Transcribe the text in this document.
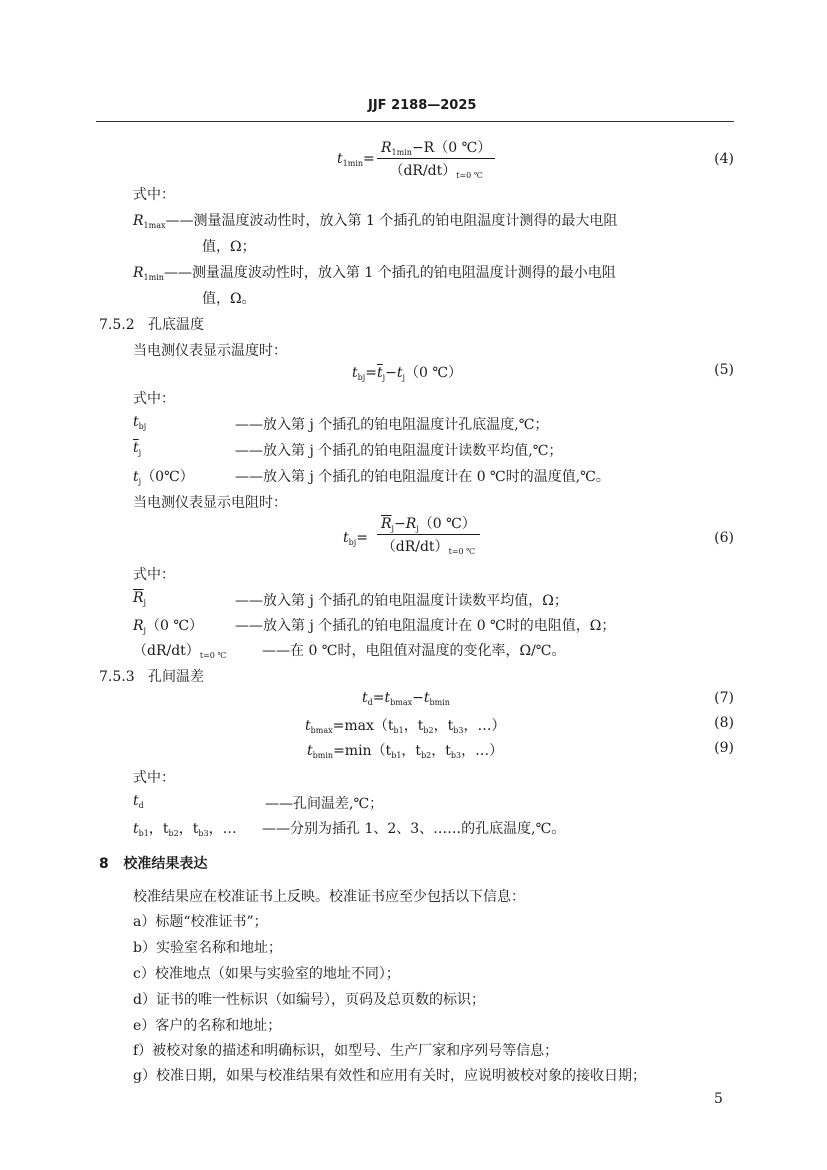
JJF 2188—2025
$t_{1min}=$
$R_{1min}-R(0$ ℃）
$(dR/dt)_{t=0 ℃}$
(4)
式中：
$R_{1max}——$测量温度波动性时，放入第 1 个插孔的铂电阻温度计测得的最大电阻
值，Ω；
$R_{1min}——$测量温度波动性时，放入第 1 个插孔的铂电阻温度计测得的最小电阻
值，Ω。
7.5.2 孔底温度
当电测仪表显示温度时：
$t_{bj}=\overline{t}_j-t_j(0$ ℃）	(5)
式中：
$t_{bj}$	——放入第 j 个插孔的铂电阻温度计孔底温度,℃；
$\overline{t}_j$	——放入第 j 个插孔的铂电阻温度计读数平均值,℃；
$t_j(0℃)$	——放入第 j 个插孔的铂电阻温度计在 0 ℃时的温度值,℃。
当电测仪表显示电阻时：
$t_{bj}= \frac{\overline{R}_j-R_j(0 ℃)}{(dR/dt)_{t=0 ℃}}$	(6)
式中：
$\overline{R}_j$	——放入第 j 个插孔的铂电阻温度计读数平均值，Ω；
$R_j(0$ ℃） ——放入第 j 个插孔的铂电阻温度计在 0 ℃时的电阻值，Ω；
$(dR/dt)_{t=0 ℃}$	——在 0 ℃时，电阻值对温度的变化率，Ω/℃。
7.5.3 孔间温差
$t_d=t_{bmax}-t_{bmin}$	(7)
$t_{bmax}=\max(t_{b1}$，$t_{b2}$，$t_{b3}$，…）	(8)
$t_{bmin}=\min(t_{b1}$，$t_{b2}$，$t_{b3}$，…）	(9)
式中：
$t_d$	——孔间温差,℃；
$t_{b1}$，$t_{b2}$，$t_{b3}$，… ——分别为插孔 1、2、3、……的孔底温度,℃。
8 校准结果表达
校准结果应在校准证书上反映。校准证书应至少包括以下信息：
a）标题“校准证书”；
b）实验室名称和地址；
c）校准地点（如果与实验室的地址不同）；
d）证书的唯一性标识（如编号），页码及总页数的标识；
e）客户的名称和地址；
f）被校对象的描述和明确标识，如型号、生产厂家和序列号等信息；
g）校准日期，如果与校准结果有效性和应用有关时，应说明被校对象的接收日期；
5
